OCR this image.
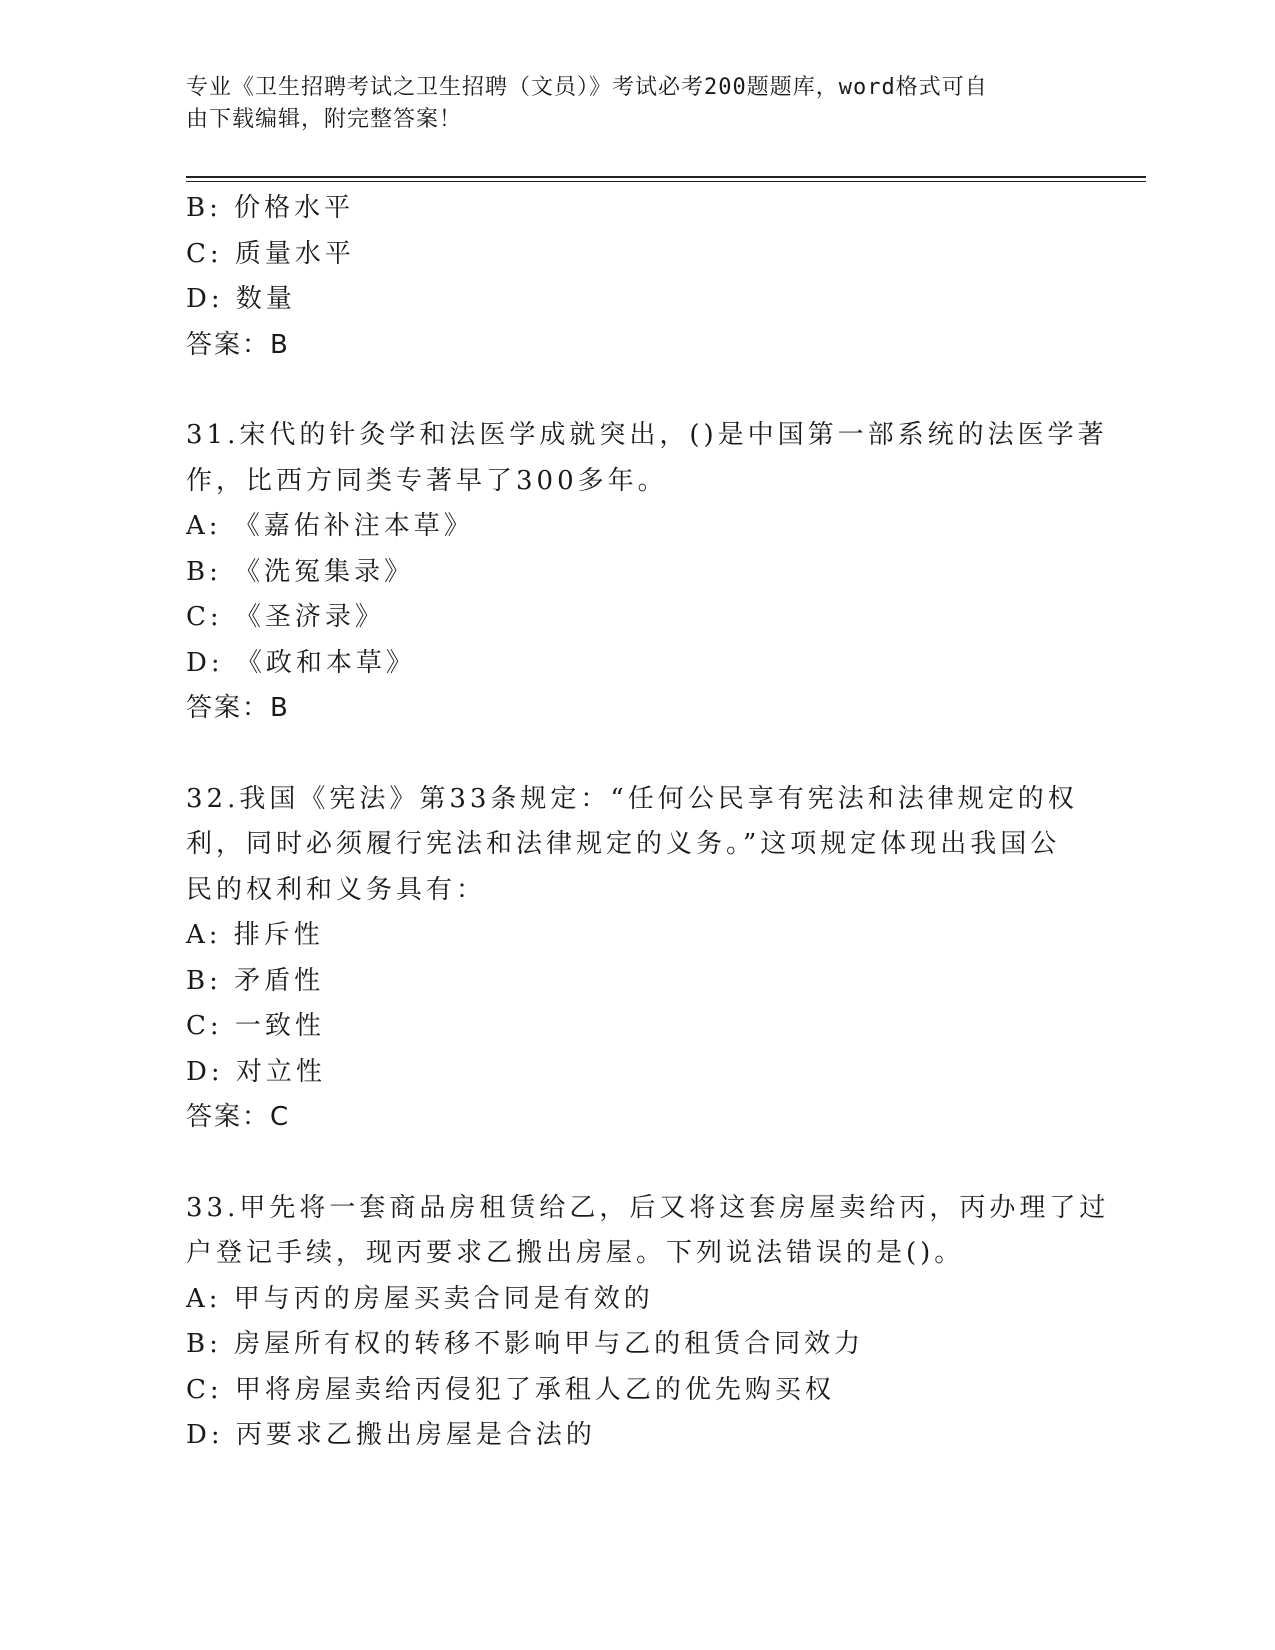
专业《卫生招聘考试之卫生招聘（文员）》考试必考200题题库，word格式可自
由下载编辑，附完整答案！
B: 价格水平
C: 质量水平
D: 数量
答案：B
31.宋代的针灸学和法医学成就突出，()是中国第一部系统的法医学著
作，比西方同类专著早了300多年。
A: 《嘉佑补注本草》
B: 《洗冤集录》
C: 《圣济录》
D: 《政和本草》
答案：B
32.我国《宪法》第33条规定：“任何公民享有宪法和法律规定的权
利，同时必须履行宪法和法律规定的义务。”这项规定体现出我国公
民的权利和义务具有：
A: 排斥性
B: 矛盾性
C: 一致性
D: 对立性
答案：C
33.甲先将一套商品房租赁给乙，后又将这套房屋卖给丙，丙办理了过
户登记手续，现丙要求乙搬出房屋。下列说法错误的是()。
A: 甲与丙的房屋买卖合同是有效的
B: 房屋所有权的转移不影响甲与乙的租赁合同效力
C: 甲将房屋卖给丙侵犯了承租人乙的优先购买权
D: 丙要求乙搬出房屋是合法的
